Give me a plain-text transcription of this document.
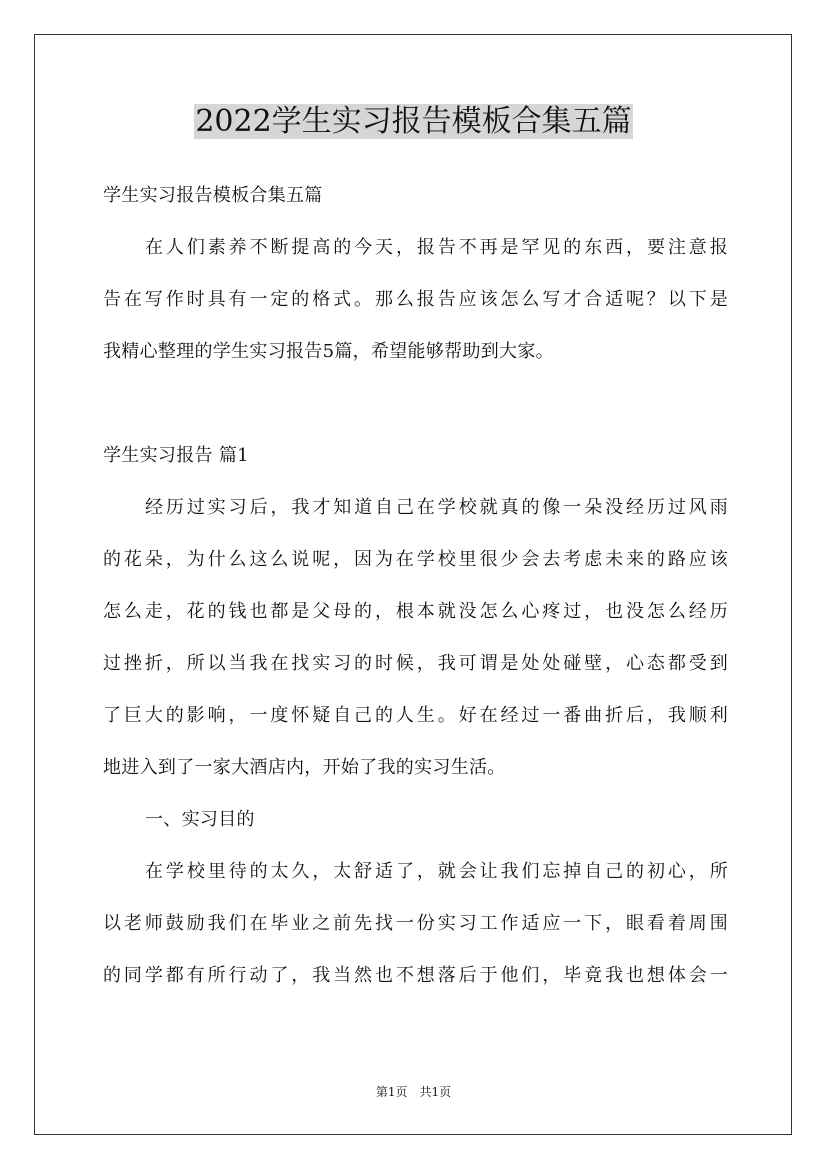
2022学生实习报告模板合集五篇
学生实习报告模板合集五篇
在人们素养不断提高的今天，报告不再是罕见的东西，要注意报
告在写作时具有一定的格式。那么报告应该怎么写才合适呢？以下是
我精心整理的学生实习报告5篇，希望能够帮助到大家。
学生实习报告 篇1
经历过实习后，我才知道自己在学校就真的像一朵没经历过风雨
的花朵，为什么这么说呢，因为在学校里很少会去考虑未来的路应该
怎么走，花的钱也都是父母的，根本就没怎么心疼过，也没怎么经历
过挫折，所以当我在找实习的时候，我可谓是处处碰壁，心态都受到
了巨大的影响，一度怀疑自己的人生。好在经过一番曲折后，我顺利
地进入到了一家大酒店内，开始了我的实习生活。
一、实习目的
在学校里待的太久，太舒适了，就会让我们忘掉自己的初心，所
以老师鼓励我们在毕业之前先找一份实习工作适应一下，眼看着周围
的同学都有所行动了，我当然也不想落后于他们，毕竟我也想体会一
第1页 共1页
